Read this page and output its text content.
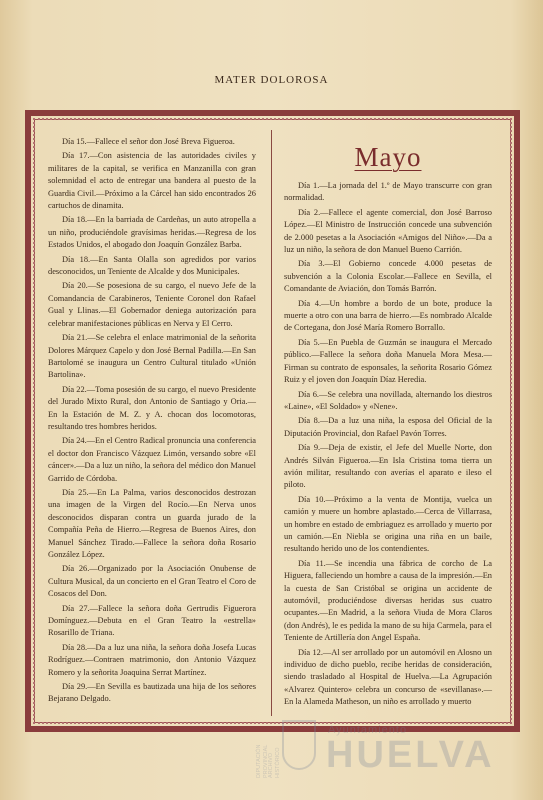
MATER DOLOROSA

Día 15.—Fallece el señor don José Breva Figueroa.

Día 17.—Con asistencia de las autoridades civiles y militares de la capital, se verifica en Manzanilla con gran solemnidad el acto de entregar una bandera al puesto de la Guardia Civil.—Próximo a la Cárcel han sido encontrados 26 cartuchos de dinamita.

Día 18.—En la barriada de Cardeñas, un auto atropella a un niño, produciéndole gravísimas heridas.—Regresa de los Estados Unidos, el abogado don Joaquín González Barba.

Día 18.—En Santa Olalla son agredidos por varios desconocidos, un Teniente de Alcalde y dos Municipales.

Día 20.—Se posesiona de su cargo, el nuevo Jefe de la Comandancia de Carabineros, Teniente Coronel don Rafael Gual y Llinas.—El Gobernador deniega autorización para celebrar manifestaciones públicas en Nerva y El Cerro.

Día 21.—Se celebra el enlace matrimonial de la señorita Dolores Márquez Capelo y don José Bernal Padilla.—En San Bartolomé se inaugura un Centro Cultural titulado «Unión Bartolina».

Día 22.—Toma posesión de su cargo, el nuevo Presidente del Jurado Mixto Rural, don Antonio de Santiago y Oria.—En la Estación de M. Z. y A. chocan dos locomotoras, resultando tres hombres heridos.

Día 24.—En el Centro Radical pronuncia una conferencia el doctor don Francisco Vázquez Limón, versando sobre «El cáncer».—Da a luz un niño, la señora del médico don Manuel Garrido de Córdoba.

Día 25.—En La Palma, varios desconocidos destrozan una imagen de la Virgen del Rocío.—En Nerva unos desconocidos disparan contra un guarda jurado de la Compañía Peña de Hierro.—Regresa de Buenos Aires, don Manuel Sánchez Tirado.—Fallece la señora doña Rosario González López.

Día 26.—Organizado por la Asociación Onubense de Cultura Musical, da un concierto en el Gran Teatro el Coro de Cosacos del Don.

Día 27.—Fallece la señora doña Gertrudis Figuerora Domínguez.—Debuta en el Gran Teatro la «estrella» Rosarillo de Triana.

Día 28.—Da a luz una niña, la señora doña Josefa Lucas Rodríguez.—Contraen matrimonio, don Antonio Vázquez Romero y la señorita Joaquina Serrat Martínez.

Día 29.—En Sevilla es bautizada una hija de los señores Bejarano Delgado.

Mayo

Día 1.—La jornada del 1.º de Mayo transcurre con gran normalidad.

Día 2.—Fallece el agente comercial, don José Barroso López.—El Ministro de Instrucción concede una subvención de 2.000 pesetas a la Asociación «Amigos del Niño».—Da a luz un niño, la señora de don Manuel Bueno Carrión.

Día 3.—El Gobierno concede 4.000 pesetas de subvención a la Colonia Escolar.—Fallece en Sevilla, el Comandante de Aviación, don Tomás Barrón.

Día 4.—Un hombre a bordo de un bote, produce la muerte a otro con una barra de hierro.—Es nombrado Alcalde de Cortegana, don José María Romero Borrallo.

Día 5.—En Puebla de Guzmán se inaugura el Mercado público.—Fallece la señora doña Manuela Mora Mesa.—Firman su contrato de esponsales, la señorita Rosario Gómez Ruiz y el joven don Joaquín Díaz Heredia.

Día 6.—Se celebra una novillada, alternando los diestros «Laine», «El Soldado» y «Nene».

Día 8.—Da a luz una niña, la esposa del Oficial de la Diputación Provincial, don Rafael Pavón Torres.

Día 9.—Deja de existir, el Jefe del Muelle Norte, don Andrés Silván Figueroa.—En Isla Cristina toma tierra un avión militar, resultando con averías el aparato e ileso el piloto.

Día 10.—Próximo a la venta de Montija, vuelca un camión y muere un hombre aplastado.—Cerca de Villarrasa, un hombre en estado de embriaguez es arrollado y muerto por un camión.—En Niebla se origina una riña en un baile, resultando herido uno de los contendientes.

Día 11.—Se incendia una fábrica de corcho de La Higuera, falleciendo un hombre a causa de la impresión.—En la cuesta de San Cristóbal se origina un accidente de automóvil, produciéndose diversas heridas sus cuatro ocupantes.—En Madrid, a la señora Viuda de Mora Claros (don Andrés), le es pedida la mano de su hija Carmela, para el Teniente de Artillería don Angel España.

Día 12.—Al ser arrollado por un automóvil en Alosno un individuo de dicho pueblo, recibe heridas de consideración, siendo trasladado al Hospital de Huelva.—La Agrupación «Alvarez Quintero» celebra un concurso de «sevillanas».—En la Alameda Matheson, un niño es arrollado y muerto

DIPUTACIÓN PROVINCIAL ARCHIVO HISTÓRICO
Ayuntamiento
HUELVA
